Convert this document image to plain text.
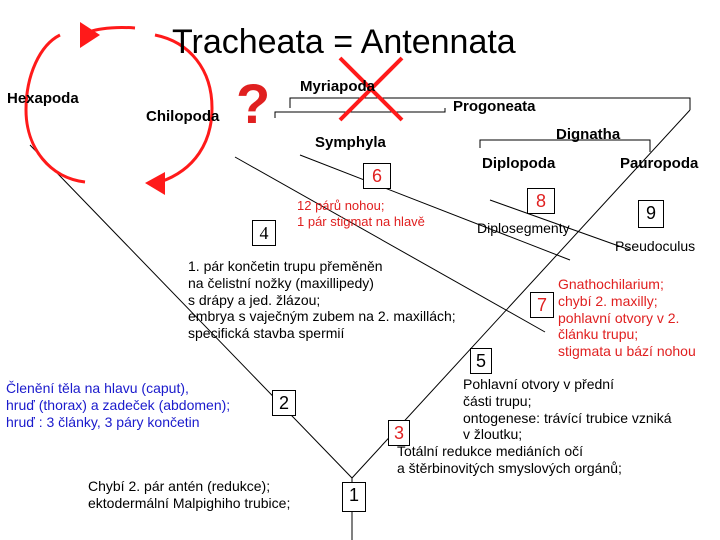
Tracheata = Antennata
Hexapoda
Chilopoda
Myriapoda
Progoneata
Symphyla	Dignatha
Diplopoda	Pauropoda
?
6
4
8
9
7
5
2
3
1
12 párů nohou;
1 pár stigmat na hlavě	Diplosegmenty
Pseudoculus
1. pár končetin trupu přeměněn
na čelistní nožky (maxillipedy)
s drápy a jed. žlázou;
embrya s vaječným zubem na 2. maxillách;
specifická stavba spermií
Gnathochilarium;
chybí 2. maxilly;
pohlavní otvory v 2.
článku trupu;
stigmata u bází nohou
Členění těla na hlavu (caput),
hruď (thorax) a zadeček (abdomen);
hruď : 3 články, 3 páry končetin
Pohlavní otvory v přední
části trupu;
ontogenese: trávící trubice vzniká
v žloutku;
Totální redukce mediáních očí
a štěrbinovitých smyslových orgánů;
Chybí 2. pár antén (redukce);
ektodermální Malpighiho trubice;
